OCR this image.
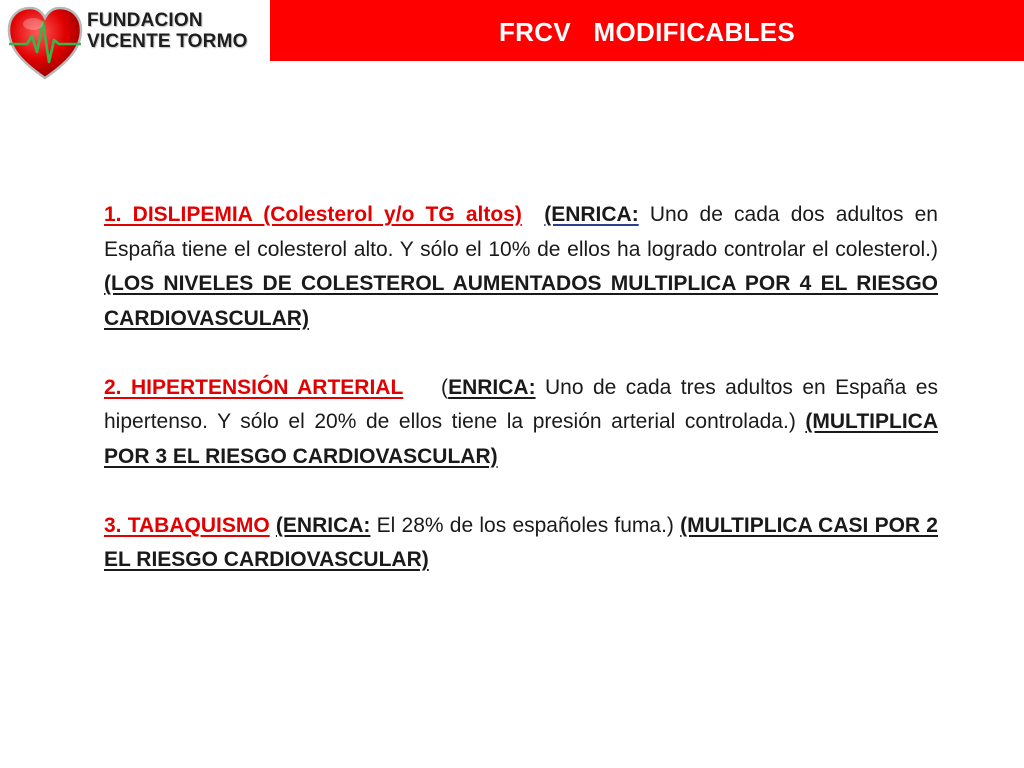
FUNDACION
VICENTE TORMO	FRCV   MODIFICABLES

1. DISLIPEMIA (Colesterol y/o TG altos) (ENRICA: Uno de cada dos adultos en España tiene el colesterol alto. Y sólo el 10% de ellos ha logrado controlar el colesterol.) (LOS NIVELES DE COLESTEROL AUMENTADOS MULTIPLICA POR 4 EL RIESGO CARDIOVASCULAR)

2. HIPERTENSIÓN ARTERIAL    (ENRICA: Uno de cada tres adultos en España es hipertenso. Y sólo el 20% de ellos tiene la presión arterial controlada.) (MULTIPLICA POR 3 EL RIESGO CARDIOVASCULAR)

3. TABAQUISMO (ENRICA: El 28% de los españoles fuma.) (MULTIPLICA CASI POR 2 EL RIESGO CARDIOVASCULAR)
